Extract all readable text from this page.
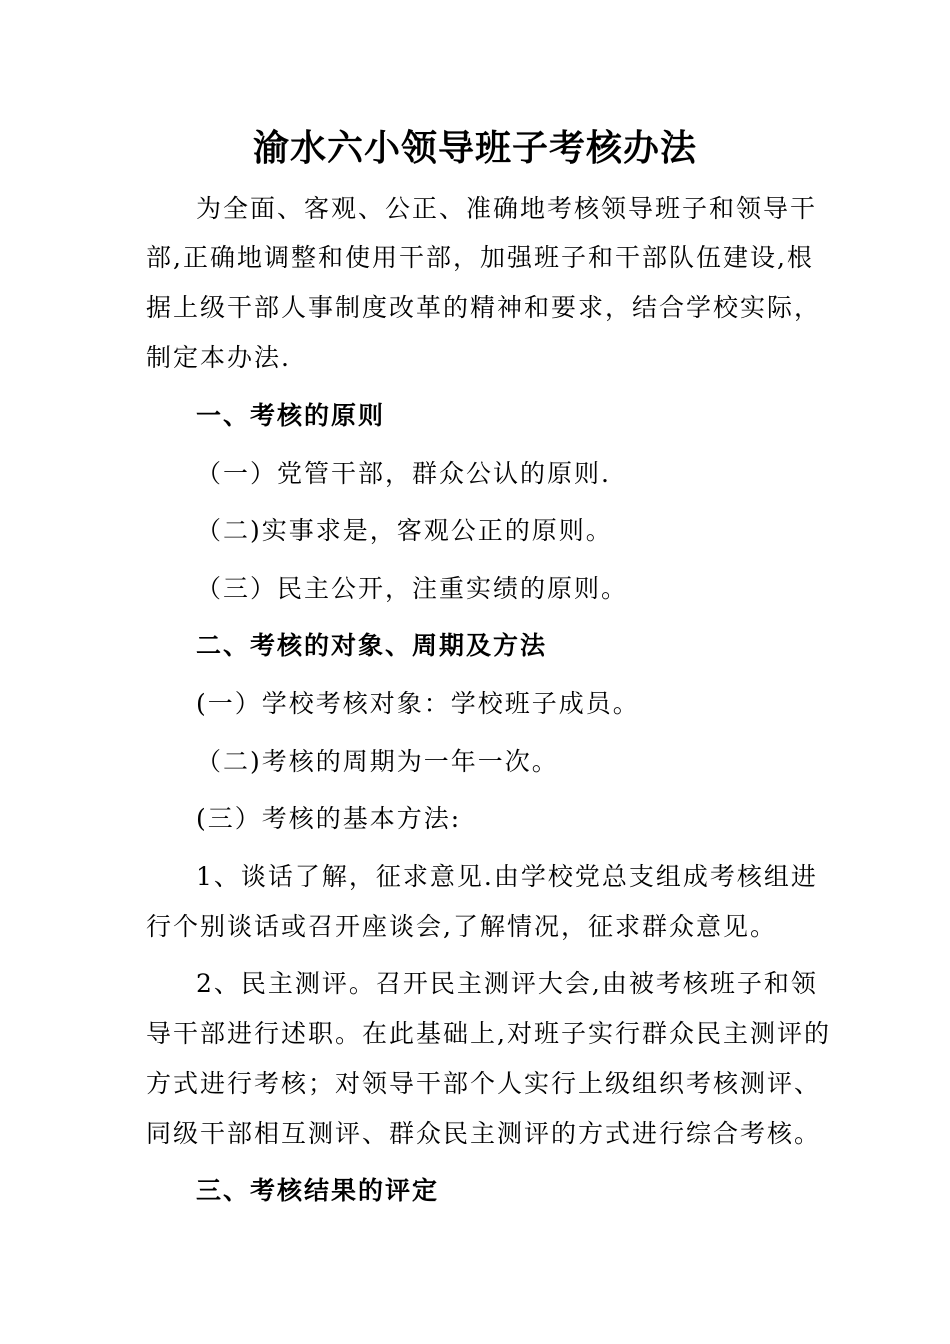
渝水六小领导班子考核办法

为全面、客观、公正、准确地考核领导班子和领导干

部,正确地调整和使用干部，加强班子和干部队伍建设,根

据上级干部人事制度改革的精神和要求，结合学校实际，

制定本办法.

一、考核的原则

（一）党管干部，群众公认的原则.

（二)实事求是，客观公正的原则。

（三）民主公开，注重实绩的原则。

二、考核的对象、周期及方法

(一）学校考核对象：学校班子成员。

（二)考核的周期为一年一次。

(三）考核的基本方法:

1、谈话了解，征求意见.由学校党总支组成考核组进

行个别谈话或召开座谈会,了解情况，征求群众意见。

2、民主测评。召开民主测评大会,由被考核班子和领

导干部进行述职。在此基础上,对班子实行群众民主测评的

方式进行考核；对领导干部个人实行上级组织考核测评、

同级干部相互测评、群众民主测评的方式进行综合考核。

三、考核结果的评定
